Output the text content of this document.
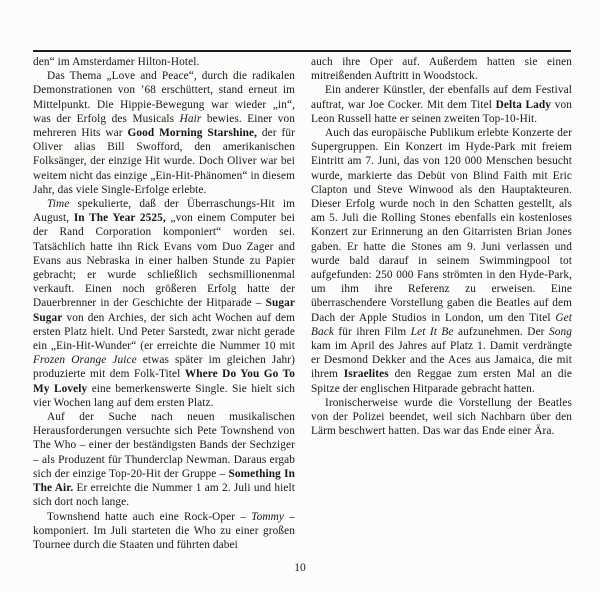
den“ im Amsterdamer Hilton-Hotel.

Das Thema „Love and Peace“, durch die radikalen Demonstrationen von ’68 erschüttert, stand erneut im Mittelpunkt. Die Hippie-Bewegung war wieder „in“, was der Erfolg des Musicals Hair bewies. Einer von mehreren Hits war Good Morning Starshine, der für Oliver alias Bill Swofford, den amerikanischen Folksänger, der einzige Hit wurde. Doch Oliver war bei weitem nicht das einzige „Ein-Hit-Phänomen“ in diesem Jahr, das viele Single-Erfolge erlebte.

Time spekulierte, daß der Überraschungs-Hit im August, In The Year 2525, „von einem Computer bei der Rand Corporation komponiert“ worden sei. Tatsächlich hatte ihn Rick Evans vom Duo Zager and Evans aus Nebraska in einer halben Stunde zu Papier gebracht; er wurde schließlich sechsmillionenmal verkauft. Einen noch größeren Erfolg hatte der Dauerbrenner in der Geschichte der Hitparade – Sugar Sugar von den Archies, der sich acht Wochen auf dem ersten Platz hielt. Und Peter Sarstedt, zwar nicht gerade ein „Ein-Hit-Wunder“ (er erreichte die Nummer 10 mit Frozen Orange Juice etwas später im gleichen Jahr) produzierte mit dem Folk-Titel Where Do You Go To My Lovely eine bemerkenswerte Single. Sie hielt sich vier Wochen lang auf dem ersten Platz.

Auf der Suche nach neuen musikalischen Herausforderungen versuchte sich Pete Townshend von The Who – einer der beständigsten Bands der Sechziger – als Produzent für Thunderclap Newman. Daraus ergab sich der einzige Top-20-Hit der Gruppe – Something In The Air. Er erreichte die Nummer 1 am 2. Juli und hielt sich dort noch lange.

Townshend hatte auch eine Rock-Oper – Tommy – komponiert. Im Juli starteten die Who zu einer großen Tournee durch die Staaten und führten dabei

auch ihre Oper auf. Außerdem hatten sie einen mitreißenden Auftritt in Woodstock.

Ein anderer Künstler, der ebenfalls auf dem Festival auftrat, war Joe Cocker. Mit dem Titel Delta Lady von Leon Russell hatte er seinen zweiten Top-10-Hit.

Auch das europäische Publikum erlebte Konzerte der Supergruppen. Ein Konzert im Hyde-Park mit freiem Eintritt am 7. Juni, das von 120 000 Menschen besucht wurde, markierte das Debüt von Blind Faith mit Eric Clapton und Steve Winwood als den Hauptakteuren. Dieser Erfolg wurde noch in den Schatten gestellt, als am 5. Juli die Rolling Stones ebenfalls ein kostenloses Konzert zur Erinnerung an den Gitarristen Brian Jones gaben. Er hatte die Stones am 9. Juni verlassen und wurde bald darauf in seinem Swimmingpool tot aufgefunden: 250 000 Fans strömten in den Hyde-Park, um ihm ihre Referenz zu erweisen. Eine überraschendere Vorstellung gaben die Beatles auf dem Dach der Apple Studios in London, um den Titel Get Back für ihren Film Let It Be aufzunehmen. Der Song kam im April des Jahres auf Platz 1. Damit verdrängte er Desmond Dekker and the Aces aus Jamaica, die mit ihrem Israelites den Reggae zum ersten Mal an die Spitze der englischen Hitparade gebracht hatten.

Ironischerweise wurde die Vorstellung der Beatles von der Polizei beendet, weil sich Nachbarn über den Lärm beschwert hatten. Das war das Ende einer Ära.

10
